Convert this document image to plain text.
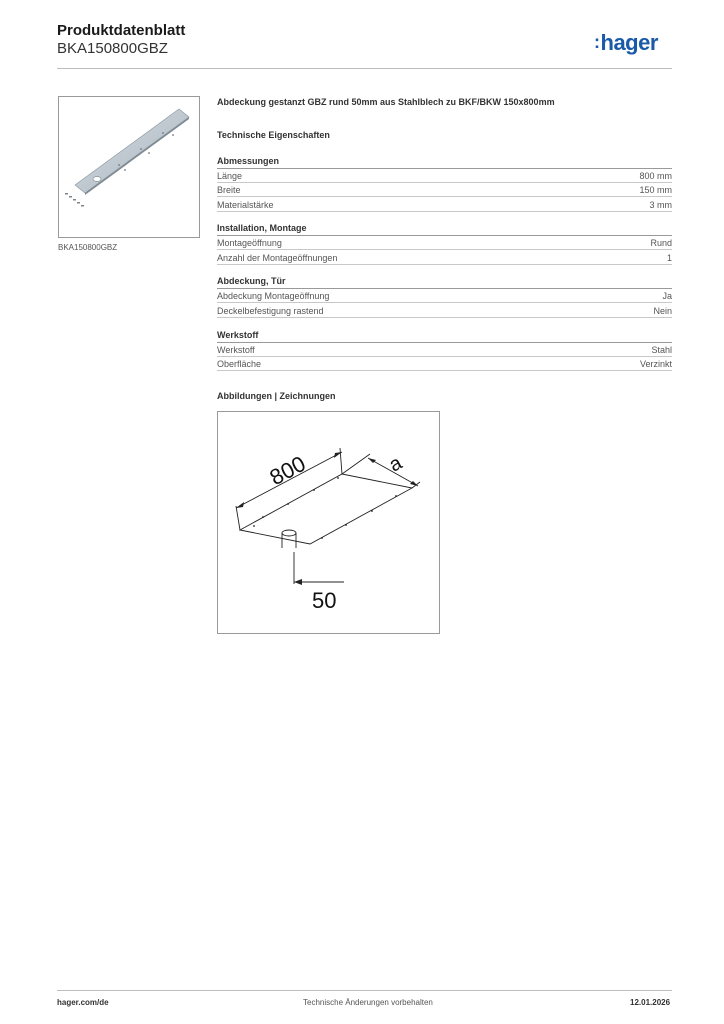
Produktdatenblatt
BKA150800GBZ	:hager
BKA150800GBZ
Abdeckung gestanzt GBZ rund 50mm aus Stahlblech zu BKF/BKW 150x800mm
Technische Eigenschaften
Abmessungen
Länge	800 mm
Breite	150 mm
Materialstärke	3 mm
Installation, Montage
Montageöffnung	Rund
Anzahl der Montageöffnungen	1
Abdeckung, Tür
Abdeckung Montageöffnung	Ja
Deckelbefestigung rastend	Nein
Werkstoff
Werkstoff	Stahl
Oberfläche	Verzinkt
Abbildungen | Zeichnungen
800	a
50
hager.com/de	Technische Änderungen vorbehalten	12.01.2026
